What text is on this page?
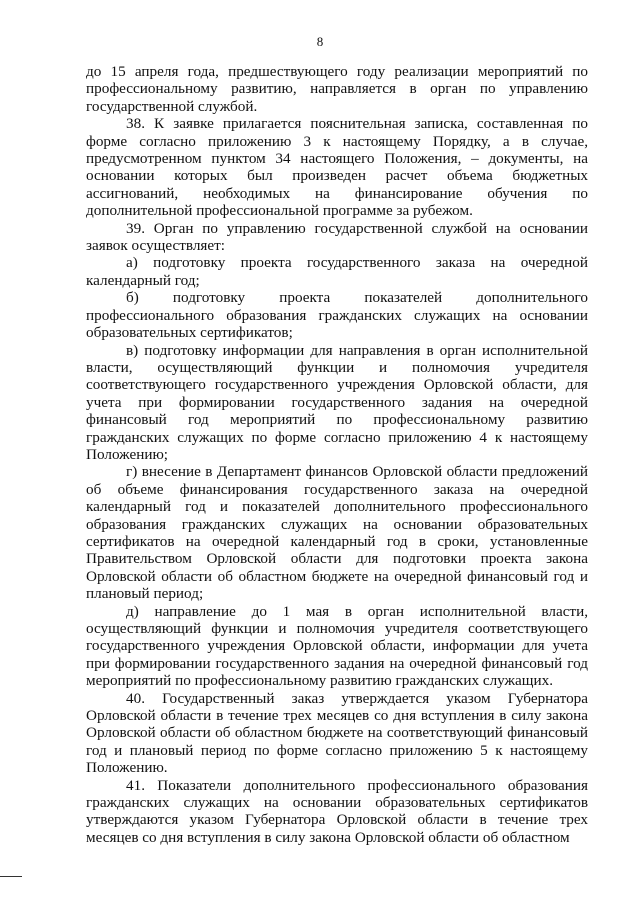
8

до 15 апреля года, предшествующего году реализации мероприятий по профессиональному развитию, направляется в орган по управлению государственной службой.

38. К заявке прилагается пояснительная записка, составленная по форме согласно приложению 3 к настоящему Порядку, а в случае, предусмотренном пунктом 34 настоящего Положения, – документы, на основании которых был произведен расчет объема бюджетных ассигнований, необходимых на финансирование обучения по дополнительной профессиональной программе за рубежом.

39. Орган по управлению государственной службой на основании заявок осуществляет:

а) подготовку проекта государственного заказа на очередной календарный год;

б) подготовку проекта показателей дополнительного профессионального образования гражданских служащих на основании образовательных сертификатов;

в) подготовку информации для направления в орган исполнительной власти, осуществляющий функции и полномочия учредителя соответствующего государственного учреждения Орловской области, для учета при формировании государственного задания на очередной финансовый год мероприятий по профессиональному развитию гражданских служащих по форме согласно приложению 4 к настоящему Положению;

г) внесение в Департамент финансов Орловской области предложений об объеме финансирования государственного заказа на очередной календарный год и показателей дополнительного профессионального образования гражданских служащих на основании образовательных сертификатов на очередной календарный год в сроки, установленные Правительством Орловской области для подготовки проекта закона Орловской области об областном бюджете на очередной финансовый год и плановый период;

д) направление до 1 мая в орган исполнительной власти, осуществляющий функции и полномочия учредителя соответствующего государственного учреждения Орловской области, информации для учета при формировании государственного задания на очередной финансовый год мероприятий по профессиональному развитию гражданских служащих.

40. Государственный заказ утверждается указом Губернатора Орловской области в течение трех месяцев со дня вступления в силу закона Орловской области об областном бюджете на соответствующий финансовый год и плановый период по форме согласно приложению 5 к настоящему Положению.

41. Показатели дополнительного профессионального образования гражданских служащих на основании образовательных сертификатов утверждаются указом Губернатора Орловской области в течение трех месяцев со дня вступления в силу закона Орловской области об областном
